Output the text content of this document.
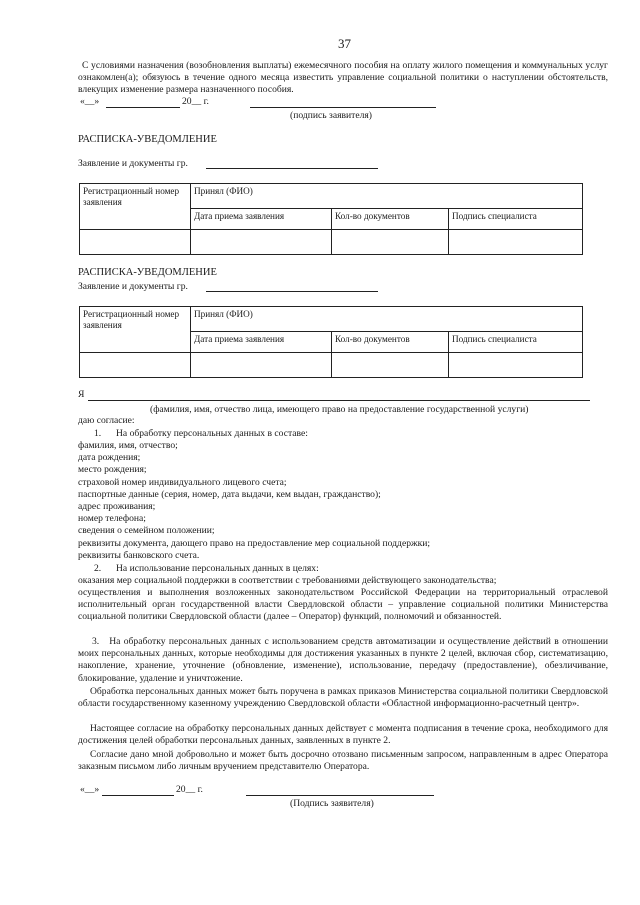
37
С условиями назначения (возобновления выплаты) ежемесячного пособия на оплату жилого помещения и коммунальных услуг ознакомлен(а); обязуюсь в течение одного месяца известить управление социальной политики о наступлении обстоятельств, влекущих изменение размера назначенного пособия.
«__»	20__ г.
(подпись заявителя)
РАСПИСКА-УВЕДОМЛЕНИЕ
Заявление и документы гр.
Регистрационный номер заявления	Принял (ФИО)		
	Дата приема заявления	Кол-во документов	Подпись специалиста

РАСПИСКА-УВЕДОМЛЕНИЕ
Заявление и документы гр.
Регистрационный номер заявления	Принял (ФИО)		
	Дата приема заявления	Кол-во документов	Подпись специалиста

Я
(фамилия, имя, отчество лица, имеющего право на предоставление государственной услуги)
даю согласие:
1. На обработку персональных данных в составе:
фамилия, имя, отчество;
дата рождения;
место рождения;
страховой номер индивидуального лицевого счета;
паспортные данные (серия, номер, дата выдачи, кем выдан, гражданство);
адрес проживания;
номер телефона;
сведения о семейном положении;
реквизиты документа, дающего право на предоставление мер социальной поддержки;
реквизиты банковского счета.
2. На использование персональных данных в целях:
оказания мер социальной поддержки в соответствии с требованиями действующего законодательства;
осуществления и выполнения возложенных законодательством Российской Федерации на территориальный отраслевой исполнительный орган государственной власти Свердловской области – управление социальной политики Министерства социальной политики Свердловской области (далее – Оператор) функций, полномочий и обязанностей.
3. На обработку персональных данных с использованием средств автоматизации и осуществление действий в отношении моих персональных данных, которые необходимы для достижения указанных в пункте 2 целей, включая сбор, систематизацию, накопление, хранение, уточнение (обновление, изменение), использование, передачу (предоставление), обезличивание, блокирование, удаление и уничтожение.
Обработка персональных данных может быть поручена в рамках приказов Министерства социальной политики Свердловской области государственному казенному учреждению Свердловской области «Областной информационно-расчетный центр».
Настоящее согласие на обработку персональных данных действует с момента подписания в течение срока, необходимого для достижения целей обработки персональных данных, заявленных в пункте 2.
Согласие дано мной добровольно и может быть досрочно отозвано письменным запросом, направленным в адрес Оператора заказным письмом либо личным вручением представителю Оператора.
«__»	20__ г.
(Подпись заявителя)
